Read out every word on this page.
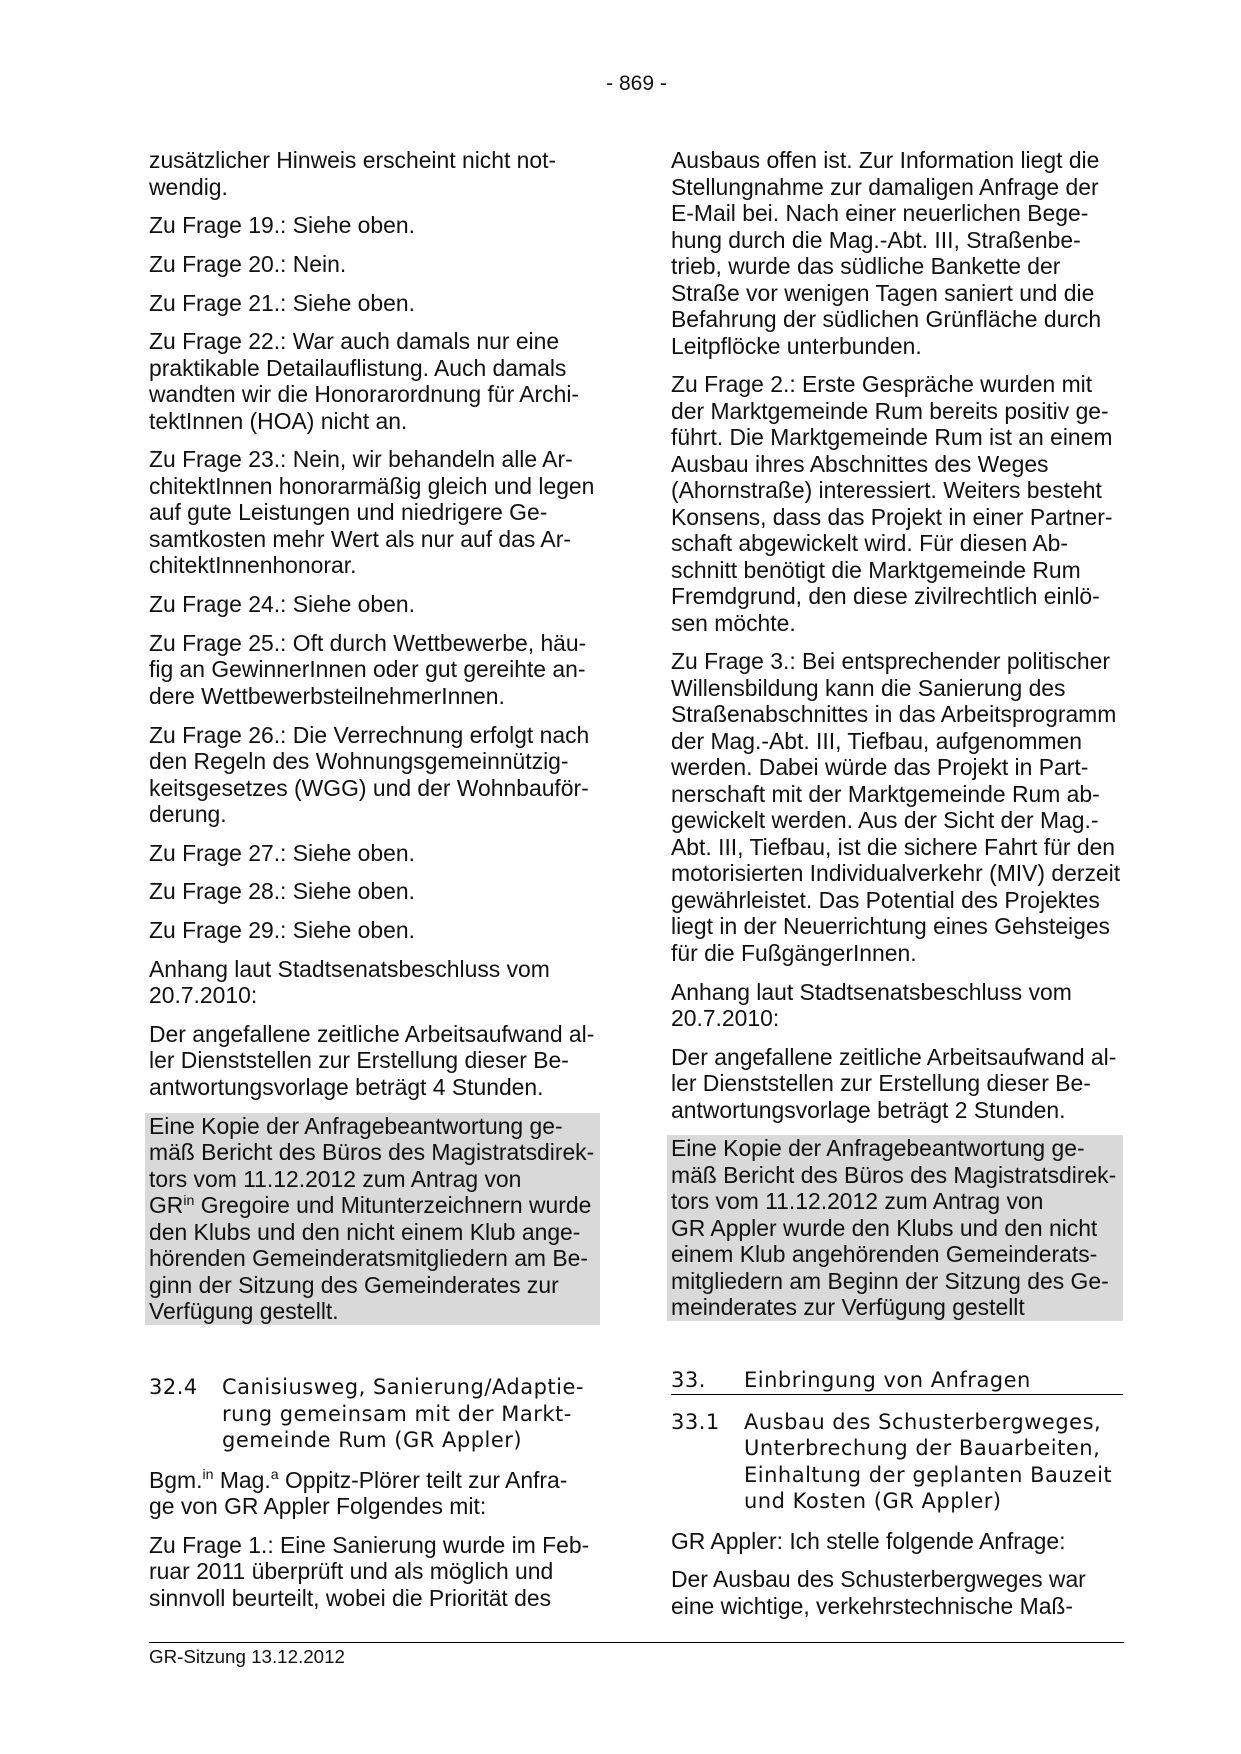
- 869 -

zusätzlicher Hinweis erscheint nicht not-
wendig.

Zu Frage 19.: Siehe oben.

Zu Frage 20.: Nein.

Zu Frage 21.: Siehe oben.

Zu Frage 22.: War auch damals nur eine
praktikable Detailauflistung. Auch damals
wandten wir die Honorarordnung für Archi-
tektInnen (HOA) nicht an.

Zu Frage 23.: Nein, wir behandeln alle Ar-
chitektInnen honorarmäßig gleich und legen
auf gute Leistungen und niedrigere Ge-
samtkosten mehr Wert als nur auf das Ar-
chitektInnenhonorar.

Zu Frage 24.: Siehe oben.

Zu Frage 25.: Oft durch Wettbewerbe, häu-
fig an GewinnerInnen oder gut gereihte an-
dere WettbewerbsteilnehmerInnen.

Zu Frage 26.: Die Verrechnung erfolgt nach
den Regeln des Wohnungsgemeinnützig-
keitsgesetzes (WGG) und der Wohnbauför-
derung.

Zu Frage 27.: Siehe oben.

Zu Frage 28.: Siehe oben.

Zu Frage 29.: Siehe oben.

Anhang laut Stadtsenatsbeschluss vom
20.7.2010:

Der angefallene zeitliche Arbeitsaufwand al-
ler Dienststellen zur Erstellung dieser Be-
antwortungsvorlage beträgt 4 Stunden.

Eine Kopie der Anfragebeantwortung ge-
mäß Bericht des Büros des Magistratsdirek-
tors vom 11.12.2012 zum Antrag von
$GR^{in}$ Gregoire und Mitunterzeichnern wurde
den Klubs und den nicht einem Klub ange-
hörenden Gemeinderatsmitgliedern am Be-
ginn der Sitzung des Gemeinderates zur
Verfügung gestellt.

Ausbaus offen ist. Zur Information liegt die
Stellungnahme zur damaligen Anfrage der
E-Mail bei. Nach einer neuerlichen Bege-
hung durch die Mag.-Abt. III, Straßenbe-
trieb, wurde das südliche Bankette der
Straße vor wenigen Tagen saniert und die
Befahrung der südlichen Grünfläche durch
Leitpflöcke unterbunden.

Zu Frage 2.: Erste Gespräche wurden mit
der Marktgemeinde Rum bereits positiv ge-
führt. Die Marktgemeinde Rum ist an einem
Ausbau ihres Abschnittes des Weges
(Ahornstraße) interessiert. Weiters besteht
Konsens, dass das Projekt in einer Partner-
schaft abgewickelt wird. Für diesen Ab-
schnitt benötigt die Marktgemeinde Rum
Fremdgrund, den diese zivilrechtlich einlö-
sen möchte.

Zu Frage 3.: Bei entsprechender politischer
Willensbildung kann die Sanierung des
Straßenabschnittes in das Arbeitsprogramm
der Mag.-Abt. III, Tiefbau, aufgenommen
werden. Dabei würde das Projekt in Part-
nerschaft mit der Marktgemeinde Rum ab-
gewickelt werden. Aus der Sicht der Mag.-
Abt. III, Tiefbau, ist die sichere Fahrt für den
motorisierten Individualverkehr (MIV) derzeit
gewährleistet. Das Potential des Projektes
liegt in der Neuerrichtung eines Gehsteiges
für die FußgängerInnen.

Anhang laut Stadtsenatsbeschluss vom
20.7.2010:

Der angefallene zeitliche Arbeitsaufwand al-
ler Dienststellen zur Erstellung dieser Be-
antwortungsvorlage beträgt 2 Stunden.

Eine Kopie der Anfragebeantwortung ge-
mäß Bericht des Büros des Magistratsdirek-
tors vom 11.12.2012 zum Antrag von
GR Appler wurde den Klubs und den nicht
einem Klub angehörenden Gemeinderats-
mitgliedern am Beginn der Sitzung des Ge-
meinderates zur Verfügung gestellt
32.4	Canisiusweg, Sanierung/Adaptie-
rung gemeinsam mit der Markt-
gemeinde Rum (GR Appler)

Bgm.$^{in}$ Mag.$^a$ Oppitz-Plörer teilt zur Anfra-
ge von GR Appler Folgendes mit:

Zu Frage 1.: Eine Sanierung wurde im Feb-
ruar 2011 überprüft und als möglich und
sinnvoll beurteilt, wobei die Priorität des

33.	Einbringung von Anfragen
33.1	Ausbau des Schusterbergweges,
Unterbrechung der Bauarbeiten,
Einhaltung der geplanten Bauzeit
und Kosten (GR Appler)

GR Appler: Ich stelle folgende Anfrage:

Der Ausbau des Schusterbergweges war
eine wichtige, verkehrstechnische Maß-

GR-Sitzung 13.12.2012
